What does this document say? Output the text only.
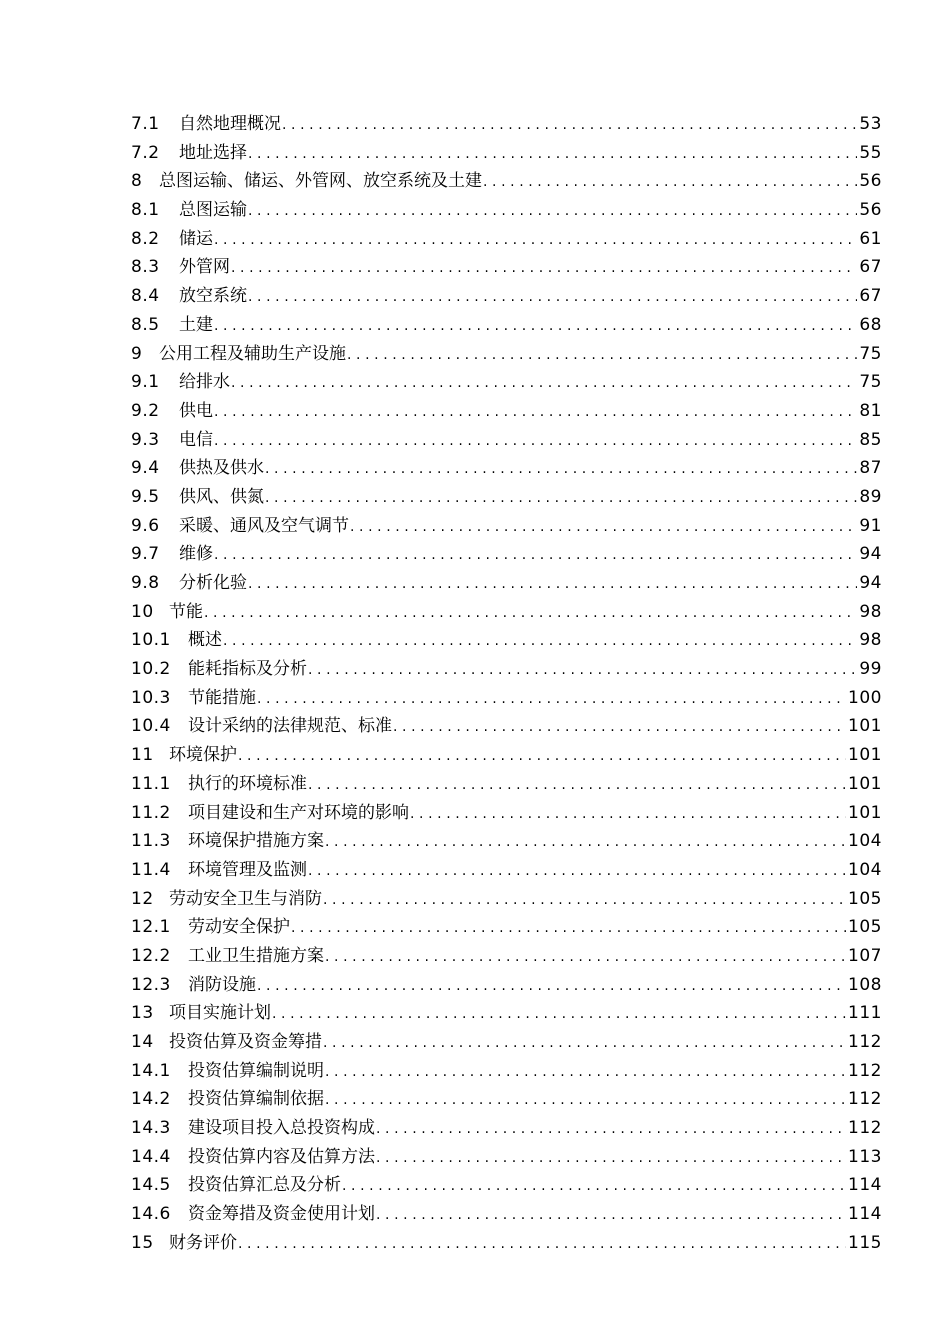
7.1	自然地理概况 .....	53
7.2	地址选择 .....	55
8 总图运输、储运、外管网、放空系统及土建 .....	56
8.1	总图运输 .....	56
8.2	储运 .....	61
8.3	外管网 .....	67
8.4	放空系统 .....	67
8.5	土建 .....	68
9 公用工程及辅助生产设施 .....	75
9.1	给排水 .....	75
9.2	供电 .....	81
9.3	电信 .....	85
9.4	供热及供水 .....	87
9.5	供风、供氮 .....	89
9.6	采暖、通风及空气调节 .....	91
9.7	维修 .....	94
9.8	分析化验 .....	94
10 节能 .....	98
10.1	概述 .....	98
10.2	能耗指标及分析 .....	99
10.3	节能措施 .....	100
10.4	设计采纳的法律规范、标准 .....	101
11 环境保护 .....	101
11.1	执行的环境标准 .....	101
11.2	项目建设和生产对环境的影响 .....	101
11.3	环境保护措施方案 .....	104
11.4	环境管理及监测 .....	104
12 劳动安全卫生与消防 .....	105
12.1	劳动安全保护 .....	105
12.2	工业卫生措施方案 .....	107
12.3	消防设施 .....	108
13 项目实施计划 .....	111
14 投资估算及资金筹措 .....	112
14.1	投资估算编制说明 .....	112
14.2	投资估算编制依据 .....	112
14.3	建设项目投入总投资构成 .....	112
14.4	投资估算内容及估算方法 .....	113
14.5	投资估算汇总及分析 .....	114
14.6	资金筹措及资金使用计划 .....	114
15 财务评价 .....	115
